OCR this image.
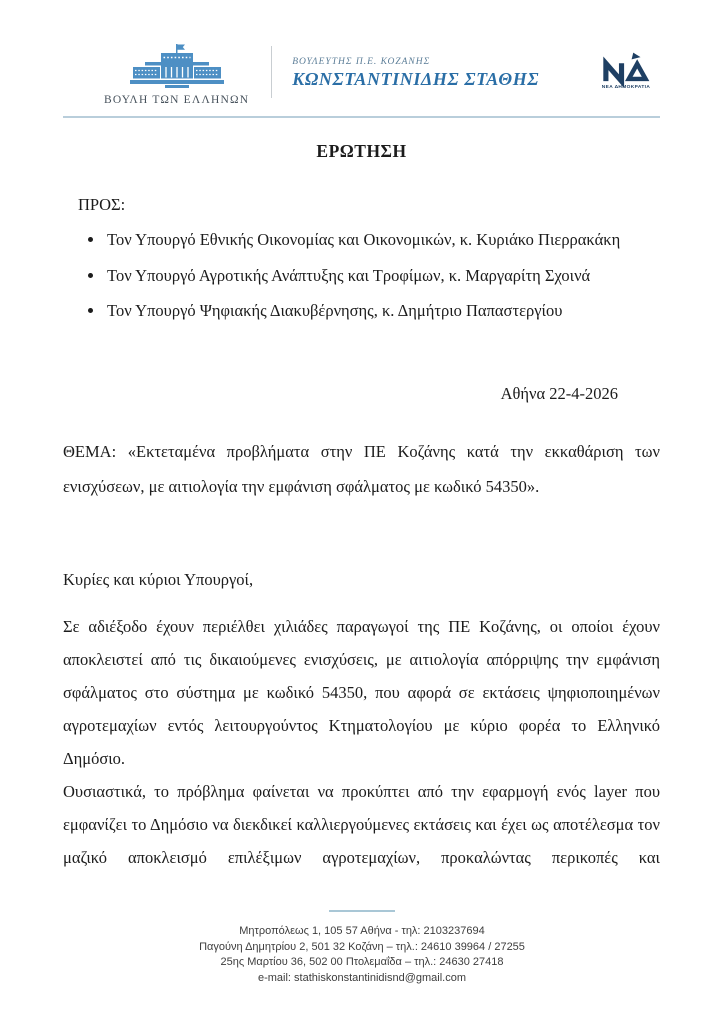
ΒΟΥΛΗ ΤΩΝ ΕΛΛΗΝΩΝ
ΒΟΥΛΕΥΤΗΣ Π.Ε. ΚΟΖΑΝΗΣ
ΚΩΝΣΤΑΝΤΙΝΙΔΗΣ ΣΤΑΘΗΣ	ΝΕΑ ΔΗΜΟΚΡΑΤΙΑ
ΕΡΩΤΗΣΗ
ΠΡΟΣ:
• Τον Υπουργό Εθνικής Οικονομίας και Οικονομικών, κ. Κυριάκο Πιερρακάκη
• Τον Υπουργό Αγροτικής Ανάπτυξης και Τροφίμων, κ. Μαργαρίτη Σχοινά
• Τον Υπουργό Ψηφιακής Διακυβέρνησης, κ. Δημήτριο Παπαστεργίου
Αθήνα 22-4-2026
ΘΕΜΑ: «Εκτεταμένα προβλήματα στην ΠΕ Κοζάνης κατά την εκκαθάριση των ενισχύσεων, με αιτιολογία την εμφάνιση σφάλματος με κωδικό 54350».
Κυρίες και κύριοι Υπουργοί,

Σε αδιέξοδο έχουν περιέλθει χιλιάδες παραγωγοί της ΠΕ Κοζάνης, οι οποίοι έχουν αποκλειστεί από τις δικαιούμενες ενισχύσεις, με αιτιολογία απόρριψης την εμφάνιση σφάλματος στο σύστημα με κωδικό 54350, που αφορά σε εκτάσεις ψηφιοποιημένων αγροτεμαχίων εντός λειτουργούντος Κτηματολογίου με κύριο φορέα το Ελληνικό Δημόσιο.

Ουσιαστικά, το πρόβλημα φαίνεται να προκύπτει από την εφαρμογή ενός layer που εμφανίζει το Δημόσιο να διεκδικεί καλλιεργούμενες εκτάσεις και έχει ως αποτέλεσμα τον μαζικό αποκλεισμό επιλέξιμων αγροτεμαχίων, προκαλώντας περικοπές και

Μητροπόλεως 1, 105 57 Αθήνα - τηλ: 2103237694
Παγούνη Δημητρίου 2, 501 32 Κοζάνη – τηλ.: 24610 39964 / 27255
25ης Μαρτίου 36, 502 00 Πτολεμαΐδα – τηλ.: 24630 27418
e-mail: stathiskonstantinidisnd@gmail.com
